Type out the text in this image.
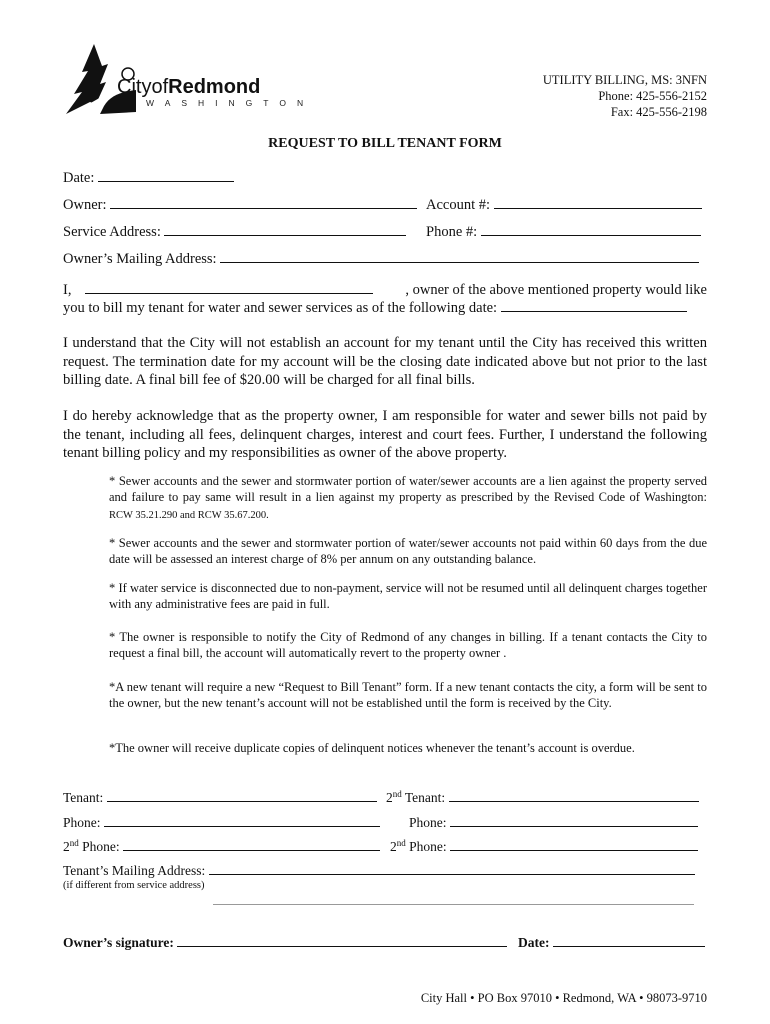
CityofRedmond
WASHINGTON
UTILITY BILLING, MS: 3NFN
Phone: 425-556-2152
Fax: 425-556-2198
REQUEST TO BILL TENANT FORM
Date:
Owner:	Account #:
Service Address:	Phone #:
Owner’s Mailing Address:
I,	, owner of the above mentioned property would like
you to bill my tenant for water and sewer services as of the following date:
I understand that the City will not establish an account for my tenant until the City has received this written request. The termination date for my account will be the closing date indicated above but not prior to the last billing date. A final bill fee of $20.00 will be charged for all final bills.
I do hereby acknowledge that as the property owner, I am responsible for water and sewer bills not paid by the tenant, including all fees, delinquent charges, interest and court fees. Further, I understand the following tenant billing policy and my responsibilities as owner of the above property.
* Sewer accounts and the sewer and stormwater portion of water/sewer accounts are a lien against the property served and failure to pay same will result in a lien against my property as prescribed by the Revised Code of Washington: RCW 35.21.290 and RCW 35.67.200.
* Sewer accounts and the sewer and stormwater portion of water/sewer accounts not paid within 60 days from the due date will be assessed an interest charge of 8% per annum on any outstanding balance.
* If water service is disconnected due to non-payment, service will not be resumed until all delinquent charges together with any administrative fees are paid in full.
* The owner is responsible to notify the City of Redmond of any changes in billing. If a tenant contacts the City to request a final bill, the account will automatically revert to the property owner .
*A new tenant will require a new “Request to Bill Tenant” form. If a new tenant contacts the city, a form will be sent to the owner, but the new tenant’s account will not be established until the form is received by the City.
*The owner will receive duplicate copies of delinquent notices whenever the tenant’s account is overdue.
Tenant:	2nd Tenant:
Phone:	Phone:
2nd Phone:	2nd Phone:
Tenant’s Mailing Address:
(if different from service address)
Owner’s signature:	Date:
City Hall • PO Box 97010 • Redmond, WA • 98073-9710
